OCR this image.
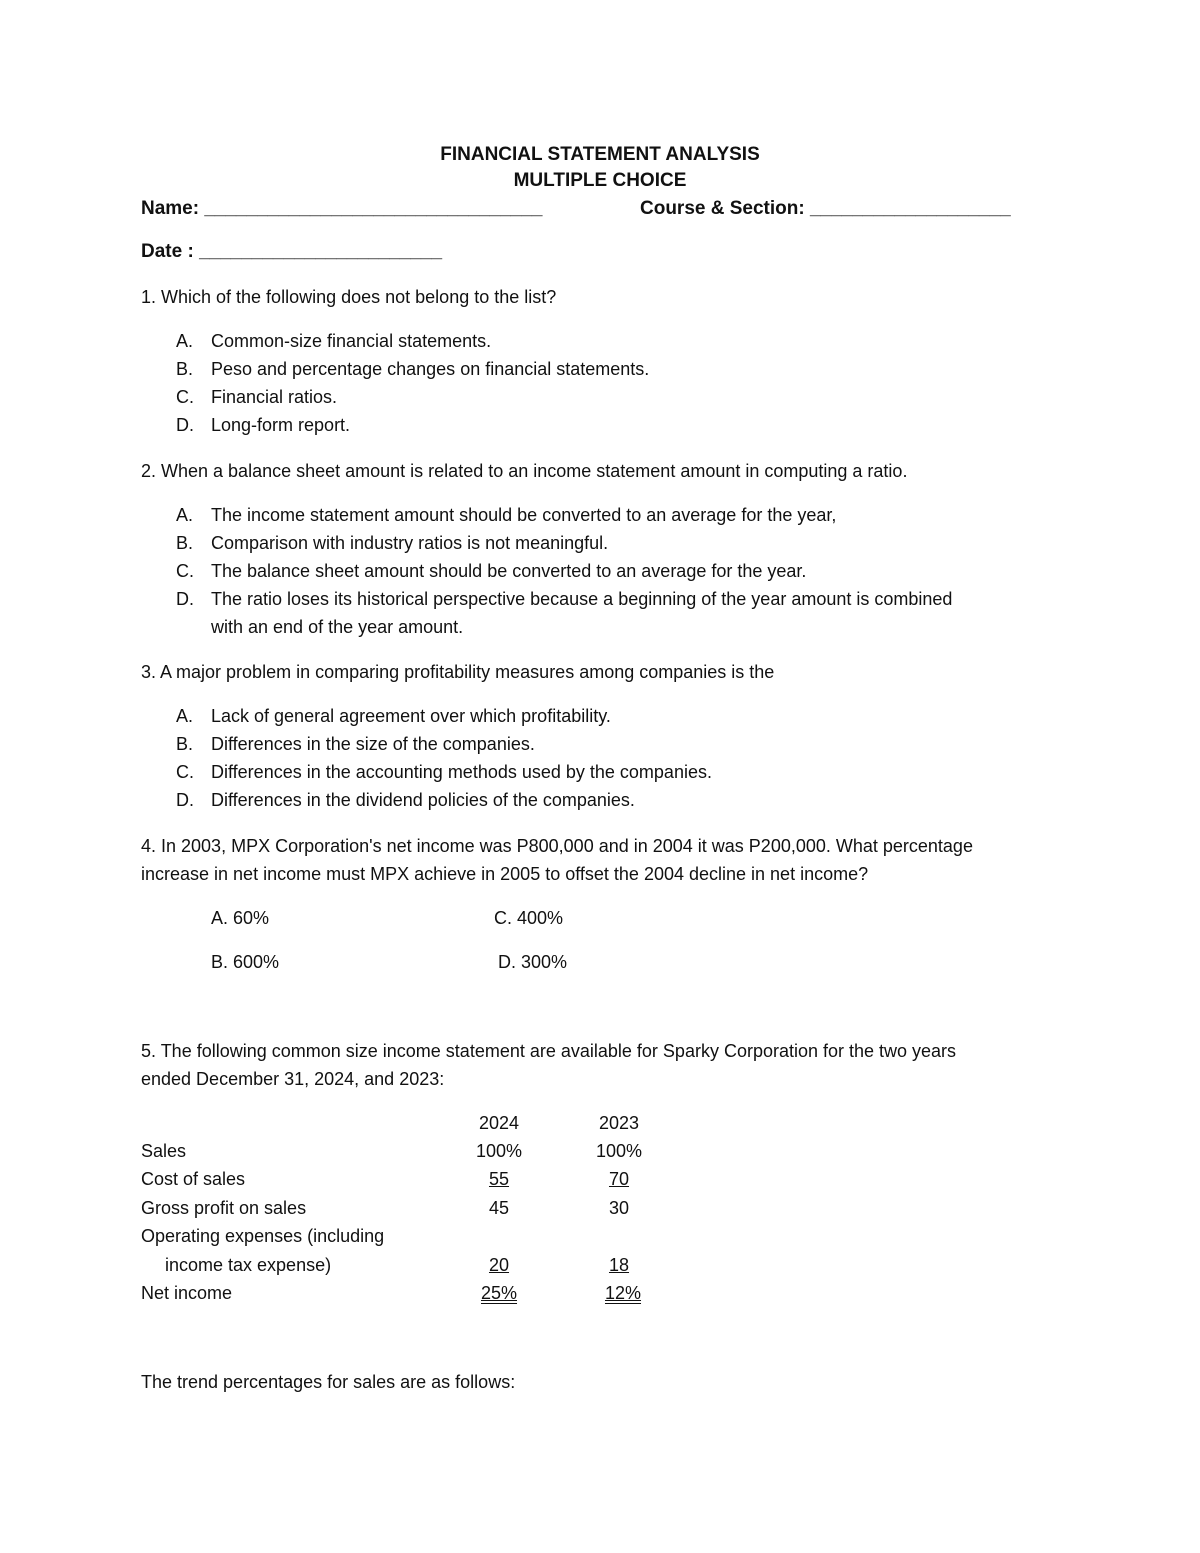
FINANCIAL STATEMENT ANALYSIS
MULTIPLE CHOICE
Name: ________________________________	Course & Section: ___________________
Date : _______________________
1. Which of the following does not belong to the list?
A. Common-size financial statements.
B. Peso and percentage changes on financial statements.
C. Financial ratios.
D. Long-form report.
2. When a balance sheet amount is related to an income statement amount in computing a ratio.
A. The income statement amount should be converted to an average for the year,
B. Comparison with industry ratios is not meaningful.
C. The balance sheet amount should be converted to an average for the year.
D. The ratio loses its historical perspective because a beginning of the year amount is combined
with an end of the year amount.
3. A major problem in comparing profitability measures among companies is the
A. Lack of general agreement over which profitability.
B. Differences in the size of the companies.
C. Differences in the accounting methods used by the companies.
D. Differences in the dividend policies of the companies.
4. In 2003, MPX Corporation's net income was P800,000 and in 2004 it was P200,000. What percentage
increase in net income must MPX achieve in 2005 to offset the 2004 decline in net income?
A. 60%	C. 400%
B. 600%	D. 300%
5. The following common size income statement are available for Sparky Corporation for the two years
ended December 31, 2024, and 2023:
2024	2023
Sales	100%	100%
Cost of sales	55	70
Gross profit on sales	45	30
Operating expenses (including
income tax expense)	20	18
Net income	25%	12%
The trend percentages for sales are as follows:
